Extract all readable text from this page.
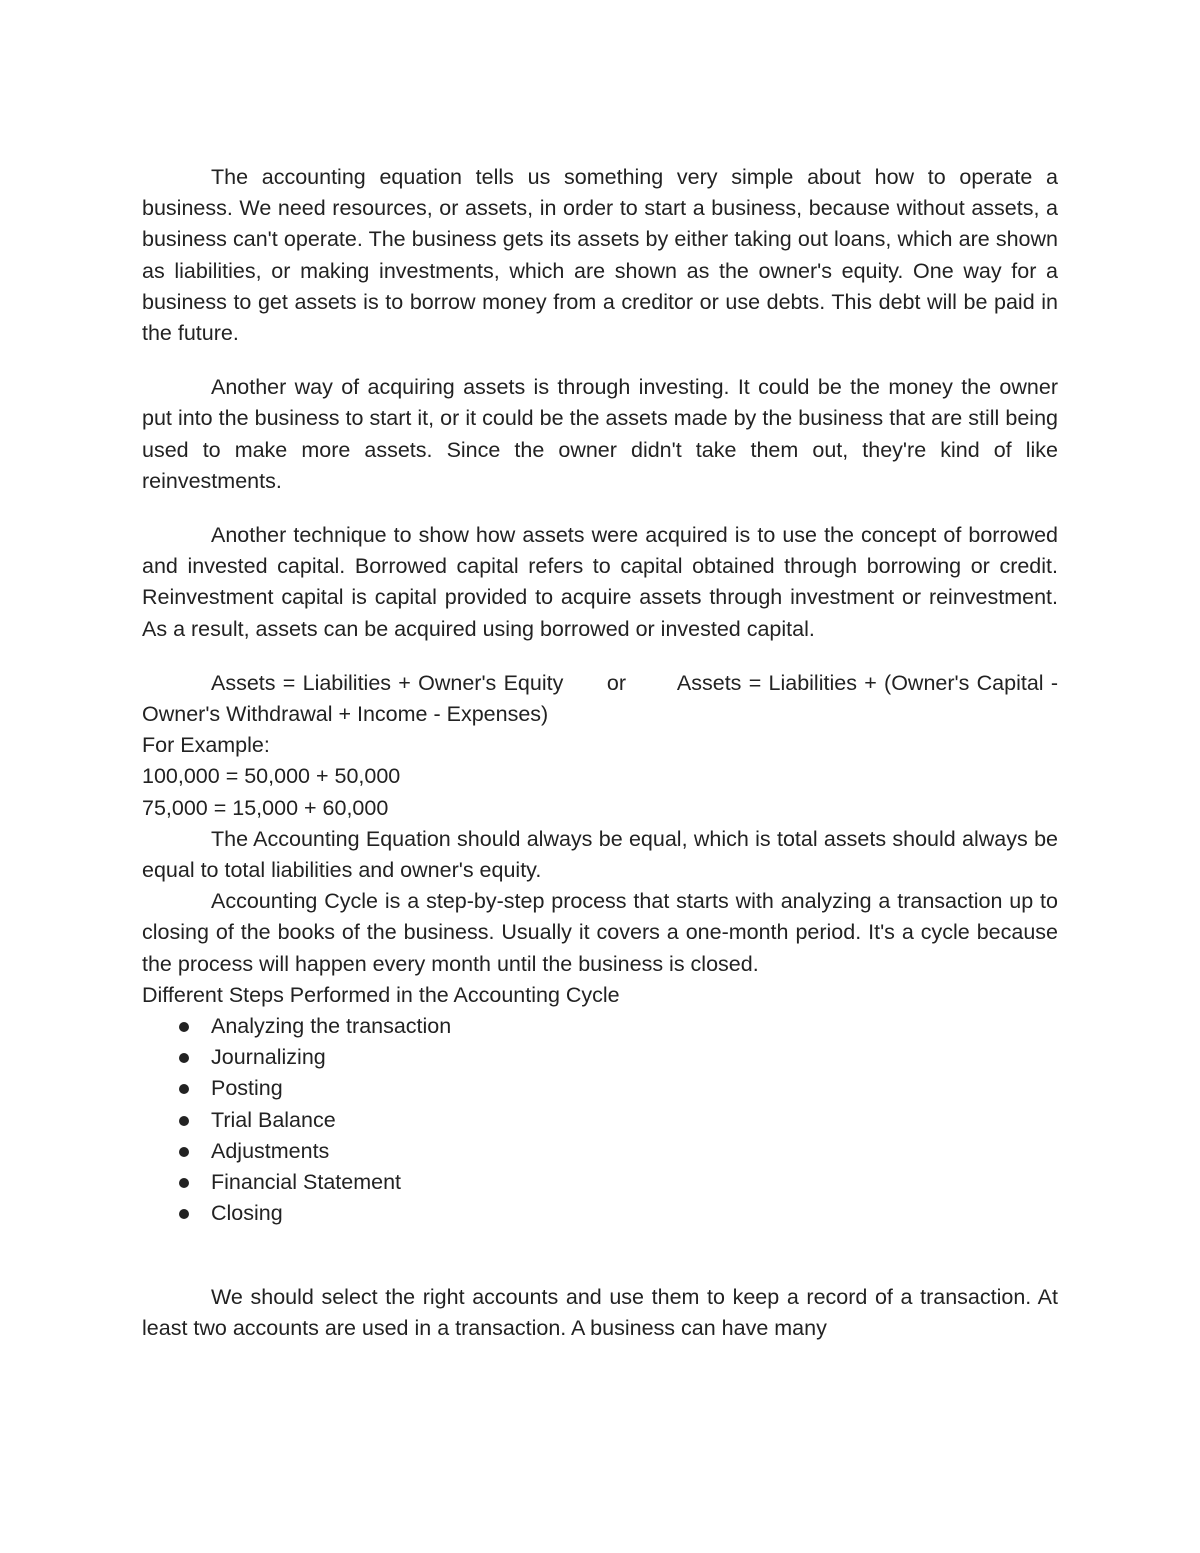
The accounting equation tells us something very simple about how to operate a business. We need resources, or assets, in order to start a business, because without assets, a business can't operate. The business gets its assets by either taking out loans, which are shown as liabilities, or making investments, which are shown as the owner's equity. One way for a business to get assets is to borrow money from a creditor or use debts. This debt will be paid in the future.

Another way of acquiring assets is through investing. It could be the money the owner put into the business to start it, or it could be the assets made by the business that are still being used to make more assets. Since the owner didn't take them out, they're kind of like reinvestments.

Another technique to show how assets were acquired is to use the concept of borrowed and invested capital. Borrowed capital refers to capital obtained through borrowing or credit. Reinvestment capital is capital provided to acquire assets through investment or reinvestment. As a result, assets can be acquired using borrowed or invested capital.

Assets = Liabilities + Owner's Equity      or       Assets = Liabilities + (Owner's Capital - Owner's Withdrawal + Income - Expenses)

For Example:

100,000 = 50,000 + 50,000

75,000 = 15,000 + 60,000

The Accounting Equation should always be equal, which is total assets should always be equal to total liabilities and owner's equity.

Accounting Cycle is a step-by-step process that starts with analyzing a transaction up to closing of the books of the business. Usually it covers a one-month period. It's a cycle because the process will happen every month until the business is closed.

Different Steps Performed in the Accounting Cycle

Analyzing the transaction
Journalizing
Posting
Trial Balance
Adjustments
Financial Statement
Closing

We should select the right accounts and use them to keep a record of a transaction. At least two accounts are used in a transaction. A business can have many
